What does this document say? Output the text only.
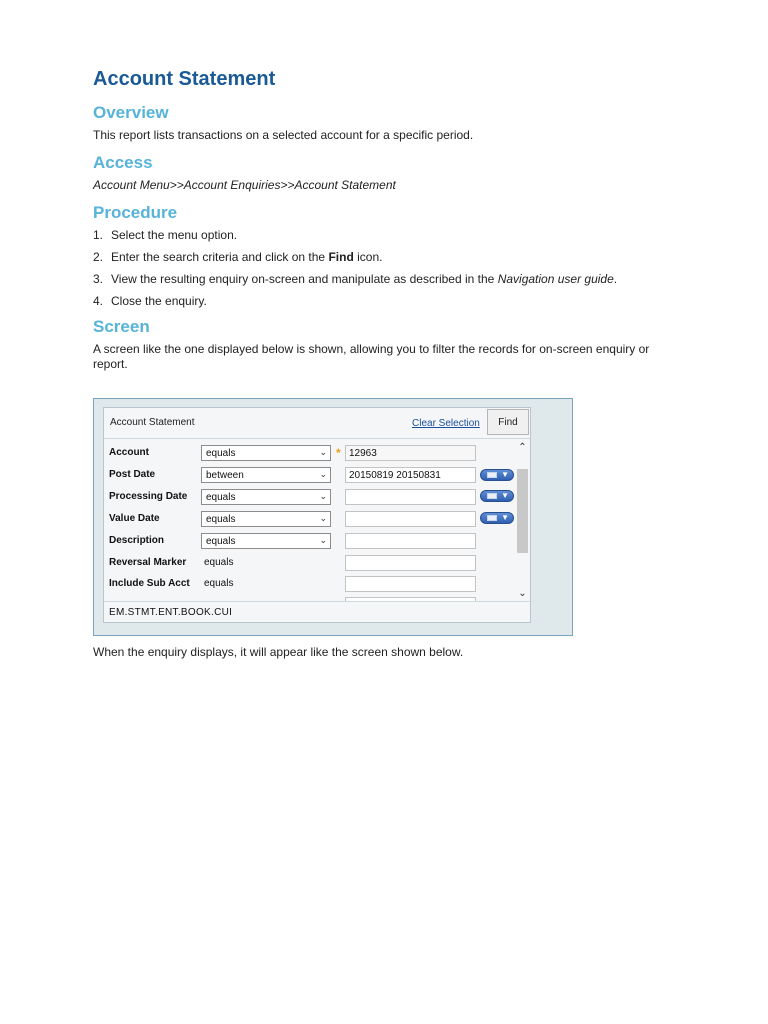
Account Statement
Overview

This report lists transactions on a selected account for a specific period.

Access

Account Menu>>Account Enquiries>>Account Statement

Procedure
1. Select the menu option.
2. Enter the search criteria and click on the Find icon.
3. View the resulting enquiry on-screen and manipulate as described in the Navigation user guide.
4. Close the enquiry.
Screen

A screen like the one displayed below is shown, allowing you to filter the records for on-screen enquiry or report.

Account Statement	Clear Selection	Find
Account	equals	⌄ * 12963
Post Date	between	⌄	20150819 20150831	▼
Processing Date equals	⌄	▼
Value Date	equals	⌄	▼
Description	equals	⌄
Reversal Marker equals
Include Sub Acct equals
⌃
⌄
EM.STMT.ENT.BOOK.CUI

When the enquiry displays, it will appear like the screen shown below.
